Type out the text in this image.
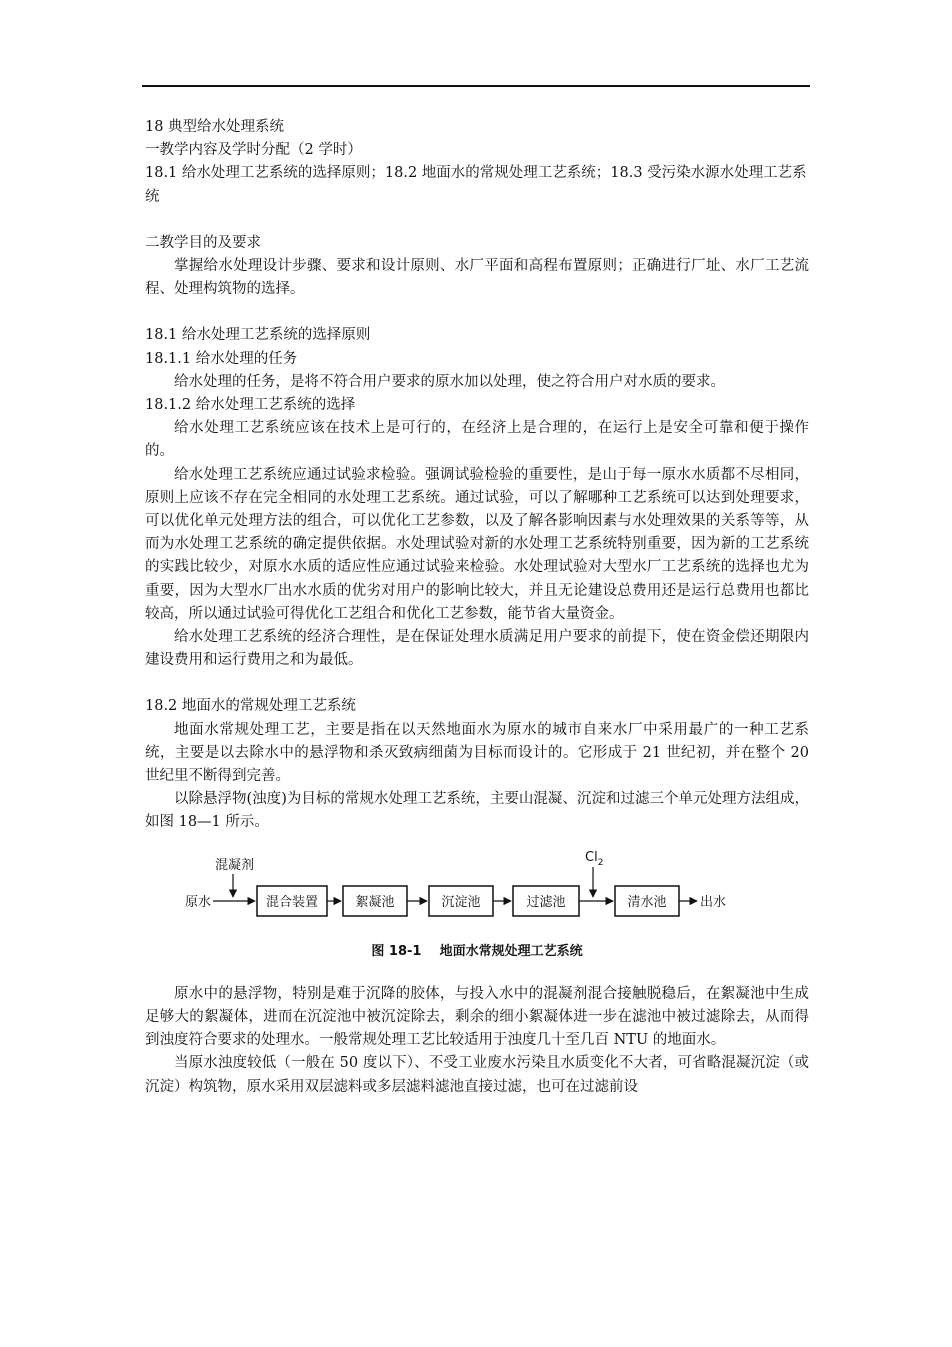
18 典型给水处理系统

一教学内容及学时分配（2 学时）

18.1 给水处理工艺系统的选择原则；18.2 地面水的常规处理工艺系统；18.3 受污染水源水处理工艺系统

二教学目的及要求

掌握给水处理设计步骤、要求和设计原则、水厂平面和高程布置原则；正确进行厂址、水厂工艺流程、处理构筑物的选择。

18.1 给水处理工艺系统的选择原则

18.1.1 给水处理的任务

给水处理的任务，是将不符合用户要求的原水加以处理，使之符合用户对水质的要求。

18.1.2 给水处理工艺系统的选择

给水处理工艺系统应该在技术上是可行的，在经济上是合理的，在运行上是安全可靠和便于操作的。

给水处理工艺系统应通过试验求检验。强调试验检验的重要性，是山于每一原水水质都不尽相同，原则上应该不存在完全相同的水处理工艺系统。通过试验，可以了解哪种工艺系统可以达到处理要求，可以优化单元处理方法的组合，可以优化工艺参数，以及了解各影响因素与水处理效果的关系等等，从而为水处理工艺系统的确定提供依据。水处理试验对新的水处理工艺系统特别重要，因为新的工艺系统的实践比较少，对原水水质的适应性应通过试验来检验。水处理试验对大型水厂工艺系统的选择也尤为重要，因为大型水厂出水水质的优劣对用户的影响比较大，并且无论建设总费用还是运行总费用也都比较高，所以通过试验可得优化工艺组合和优化工艺参数，能节省大量资金。

给水处理工艺系统的经济合理性，是在保证处理水质满足用户要求的前提下，使在资金偿还期限内建设费用和运行费用之和为最低。

18.2 地面水的常规处理工艺系统

地面水常规处理工艺，主要是指在以天然地面水为原水的城市自来水厂中采用最广的一种工艺系统，主要是以去除水中的悬浮物和杀灭致病细菌为目标而设计的。它形成于 21 世纪初，并在整个 20 世纪里不断得到完善。

以除悬浮物(浊度)为目标的常规水处理工艺系统，主要山混凝、沉淀和过滤三个单元处理方法组成，如图 18—1 所示。

混凝剂
$Cl_2$
原水	混合装置	絮凝池	沉淀池	过滤池	清水池	出水
图 18-1    地面水常规处理工艺系统

原水中的悬浮物，特别是难于沉降的胶体，与投入水中的混凝剂混合接触脱稳后，在絮凝池中生成足够大的絮凝体，进而在沉淀池中被沉淀除去，剩余的细小絮凝体进一步在滤池中被过滤除去，从而得到浊度符合要求的处理水。一般常规处理工艺比较适用于浊度几十至几百 NTU 的地面水。

当原水浊度较低（一般在 50 度以下）、不受工业废水污染且水质变化不大者，可省略混凝沉淀（或沉淀）构筑物，原水采用双层滤料或多层滤料滤池直接过滤，也可在过滤前设
